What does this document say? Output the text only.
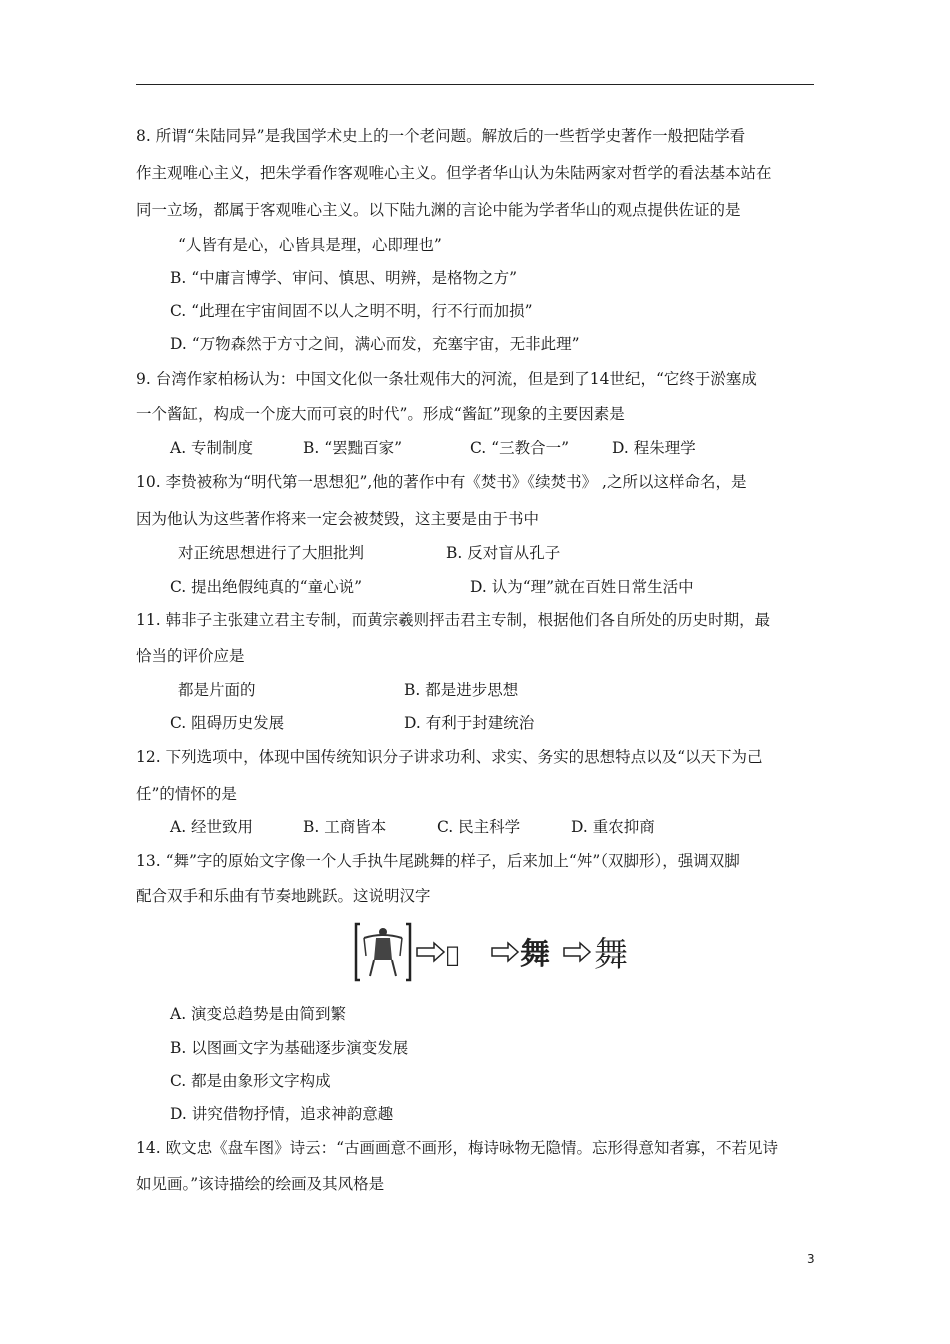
8. 所谓“朱陆同异”是我国学术史上的一个老问题。解放后的一些哲学史著作一般把陆学看
作主观唯心主义，把朱学看作客观唯心主义。但学者华山认为朱陆两家对哲学的看法基本站在
同一立场，都属于客观唯心主义。以下陆九渊的言论中能为学者华山的观点提供佐证的是
“人皆有是心，心皆具是理，心即理也”
B. “中庸言博学、审问、慎思、明辨，是格物之方”
C. “此理在宇宙间固不以人之明不明，行不行而加损”
D. “万物森然于方寸之间，满心而发，充塞宇宙，无非此理”
9. 台湾作家柏杨认为：中国文化似一条壮观伟大的河流，但是到了14世纪，“它终于淤塞成
一个酱缸，构成一个庞大而可哀的时代”。形成“酱缸”现象的主要因素是
A. 专制制度	B. “罢黜百家”	C. “三教合一”	D. 程朱理学
10. 李贽被称为“明代第一思想犯”,他的著作中有《焚书》《续焚书》 ,之所以这样命名，是
因为他认为这些著作将来一定会被焚毁，这主要是由于书中
对正统思想进行了大胆批判	B. 反对盲从孔子
C. 提出绝假纯真的“童心说”	D. 认为“理”就在百姓日常生活中
11. 韩非子主张建立君主专制，而黄宗羲则抨击君主专制，根据他们各自所处的历史时期，最
恰当的评价应是
都是片面的	B. 都是进步思想
C. 阻碍历史发展	D. 有利于封建统治
12. 下列选项中，体现中国传统知识分子讲求功利、求实、务实的思想特点以及“以天下为己
任”的情怀的是
A. 经世致用	B. 工商皆本	C. 民主科学	D. 重农抑商
13. “舞”字的原始文字像一个人手执牛尾跳舞的样子，后来加上“舛”（双脚形），强调双脚
配合双手和乐曲有节奏地跳跃。这说明汉字
𣞤 舞 舞
A. 演变总趋势是由简到繁
B. 以图画文字为基础逐步演变发展
C. 都是由象形文字构成
D. 讲究借物抒情，追求神韵意趣
14. 欧文忠《盘车图》诗云：“古画画意不画形，梅诗咏物无隐情。忘形得意知者寡，不若见诗
如见画。”该诗描绘的绘画及其风格是
3
